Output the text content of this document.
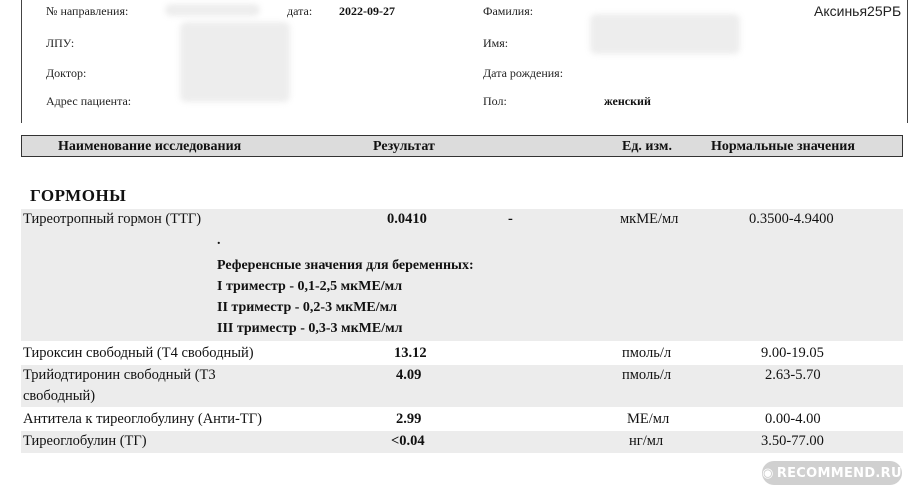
№ направления:	дата: 2022-09-27	Фамилия:	Аксинья25РБ
ЛПУ:	Имя:
Доктор:	Дата рождения:
Адрес пациента:	Пол:	женский
Наименование исследования	Результат	Ед. изм.	Нормальные значения
ГОРМОНЫ
Тиреотропный гормон (ТТГ)	0.0410	-	мкМЕ/мл	0.3500-4.9400
.
Референсные значения для беременных:
I триместр - 0,1-2,5 мкМЕ/мл
II триместр - 0,2-3 мкМЕ/мл
III триместр - 0,3-3 мкМЕ/мл
Тироксин свободный (Т4 свободный)	13.12	пмоль/л	9.00-19.05
Трийодтиронин свободный (Т3
свободный)
4.09	пмоль/л	2.63-5.70
Антитела к тиреоглобулину (Анти-ТГ)	2.99	МЕ/мл	0.00-4.00
Тиреоглобулин (ТГ)	<0.04	нг/мл	3.50-77.00
◉ RECOMMEND.RU
